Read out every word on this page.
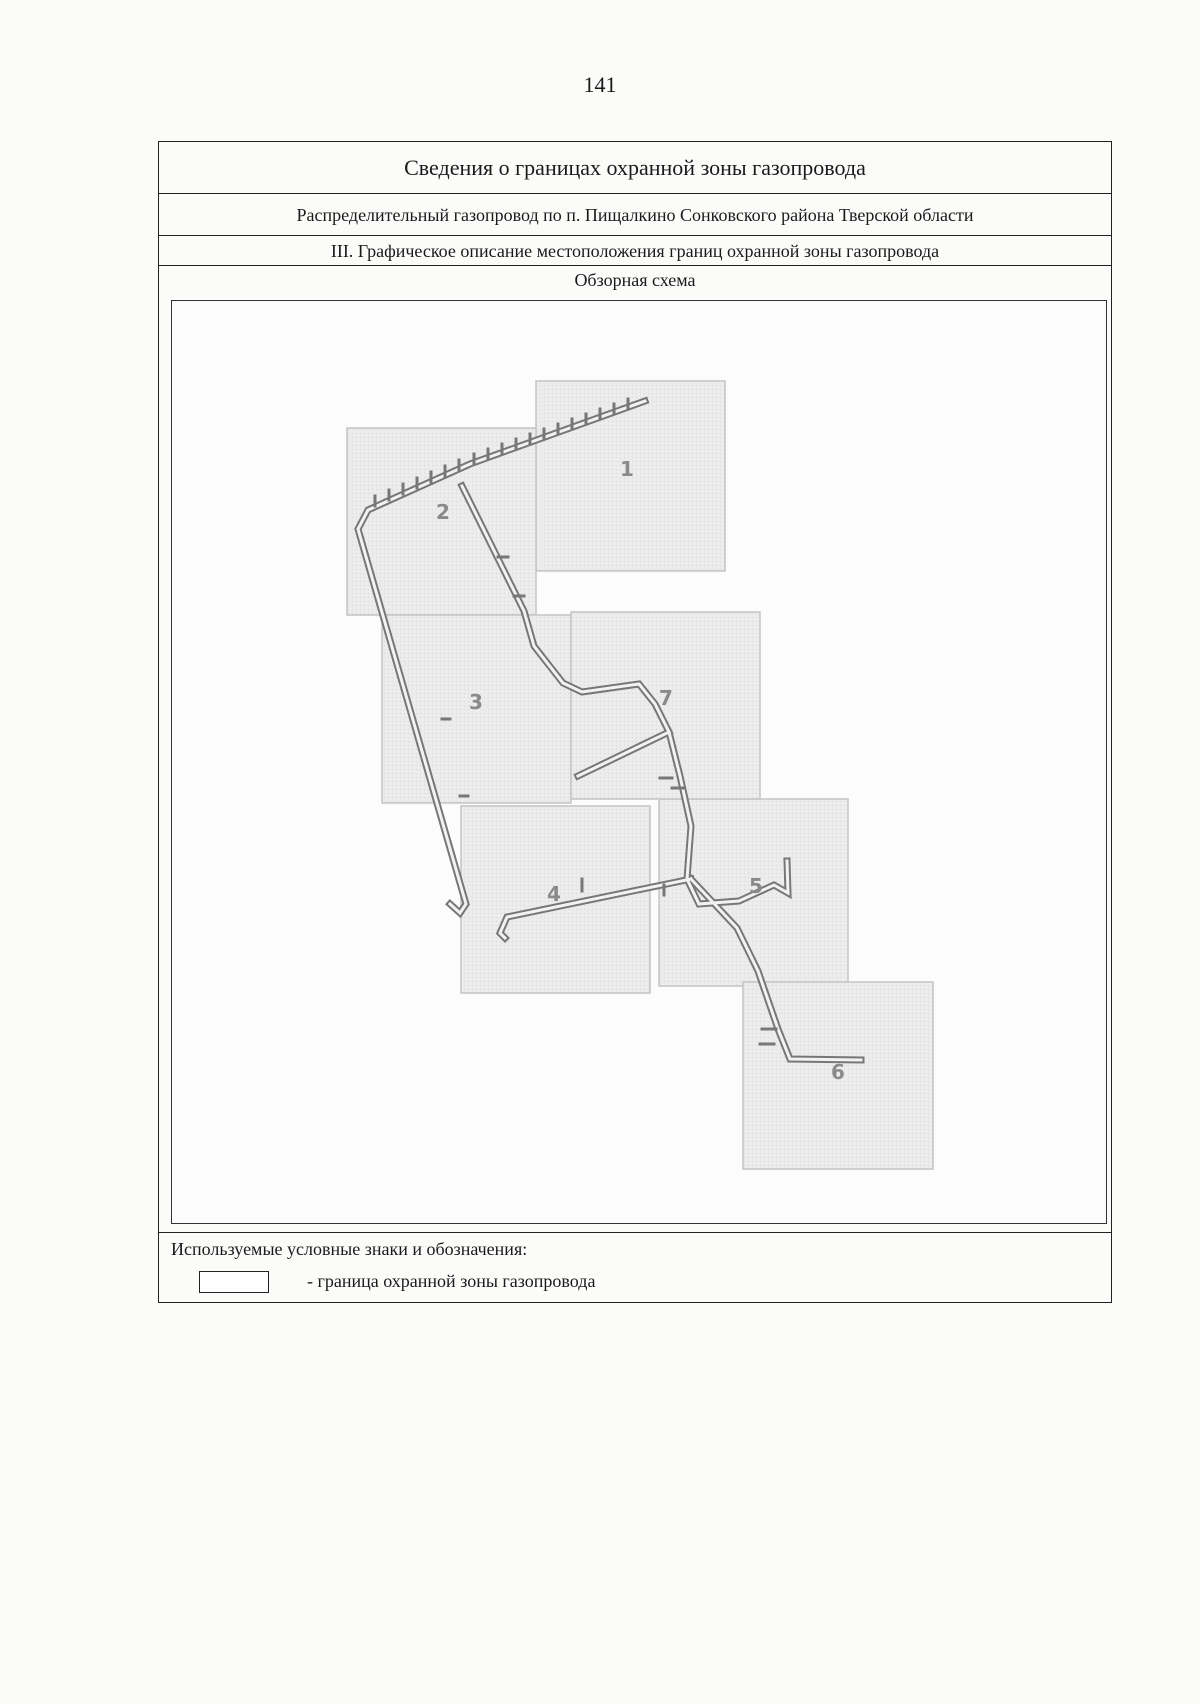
141
Сведения о границах охранной зоны газопровода
Распределительный газопровод по п. Пищалкино Сонковского района Тверской области
III. Графическое описание местоположения границ охранной зоны газопровода
Обзорная схема
1
2
3
4	5
6
7
Используемые условные знаки и обозначения:
- граница охранной зоны газопровода
